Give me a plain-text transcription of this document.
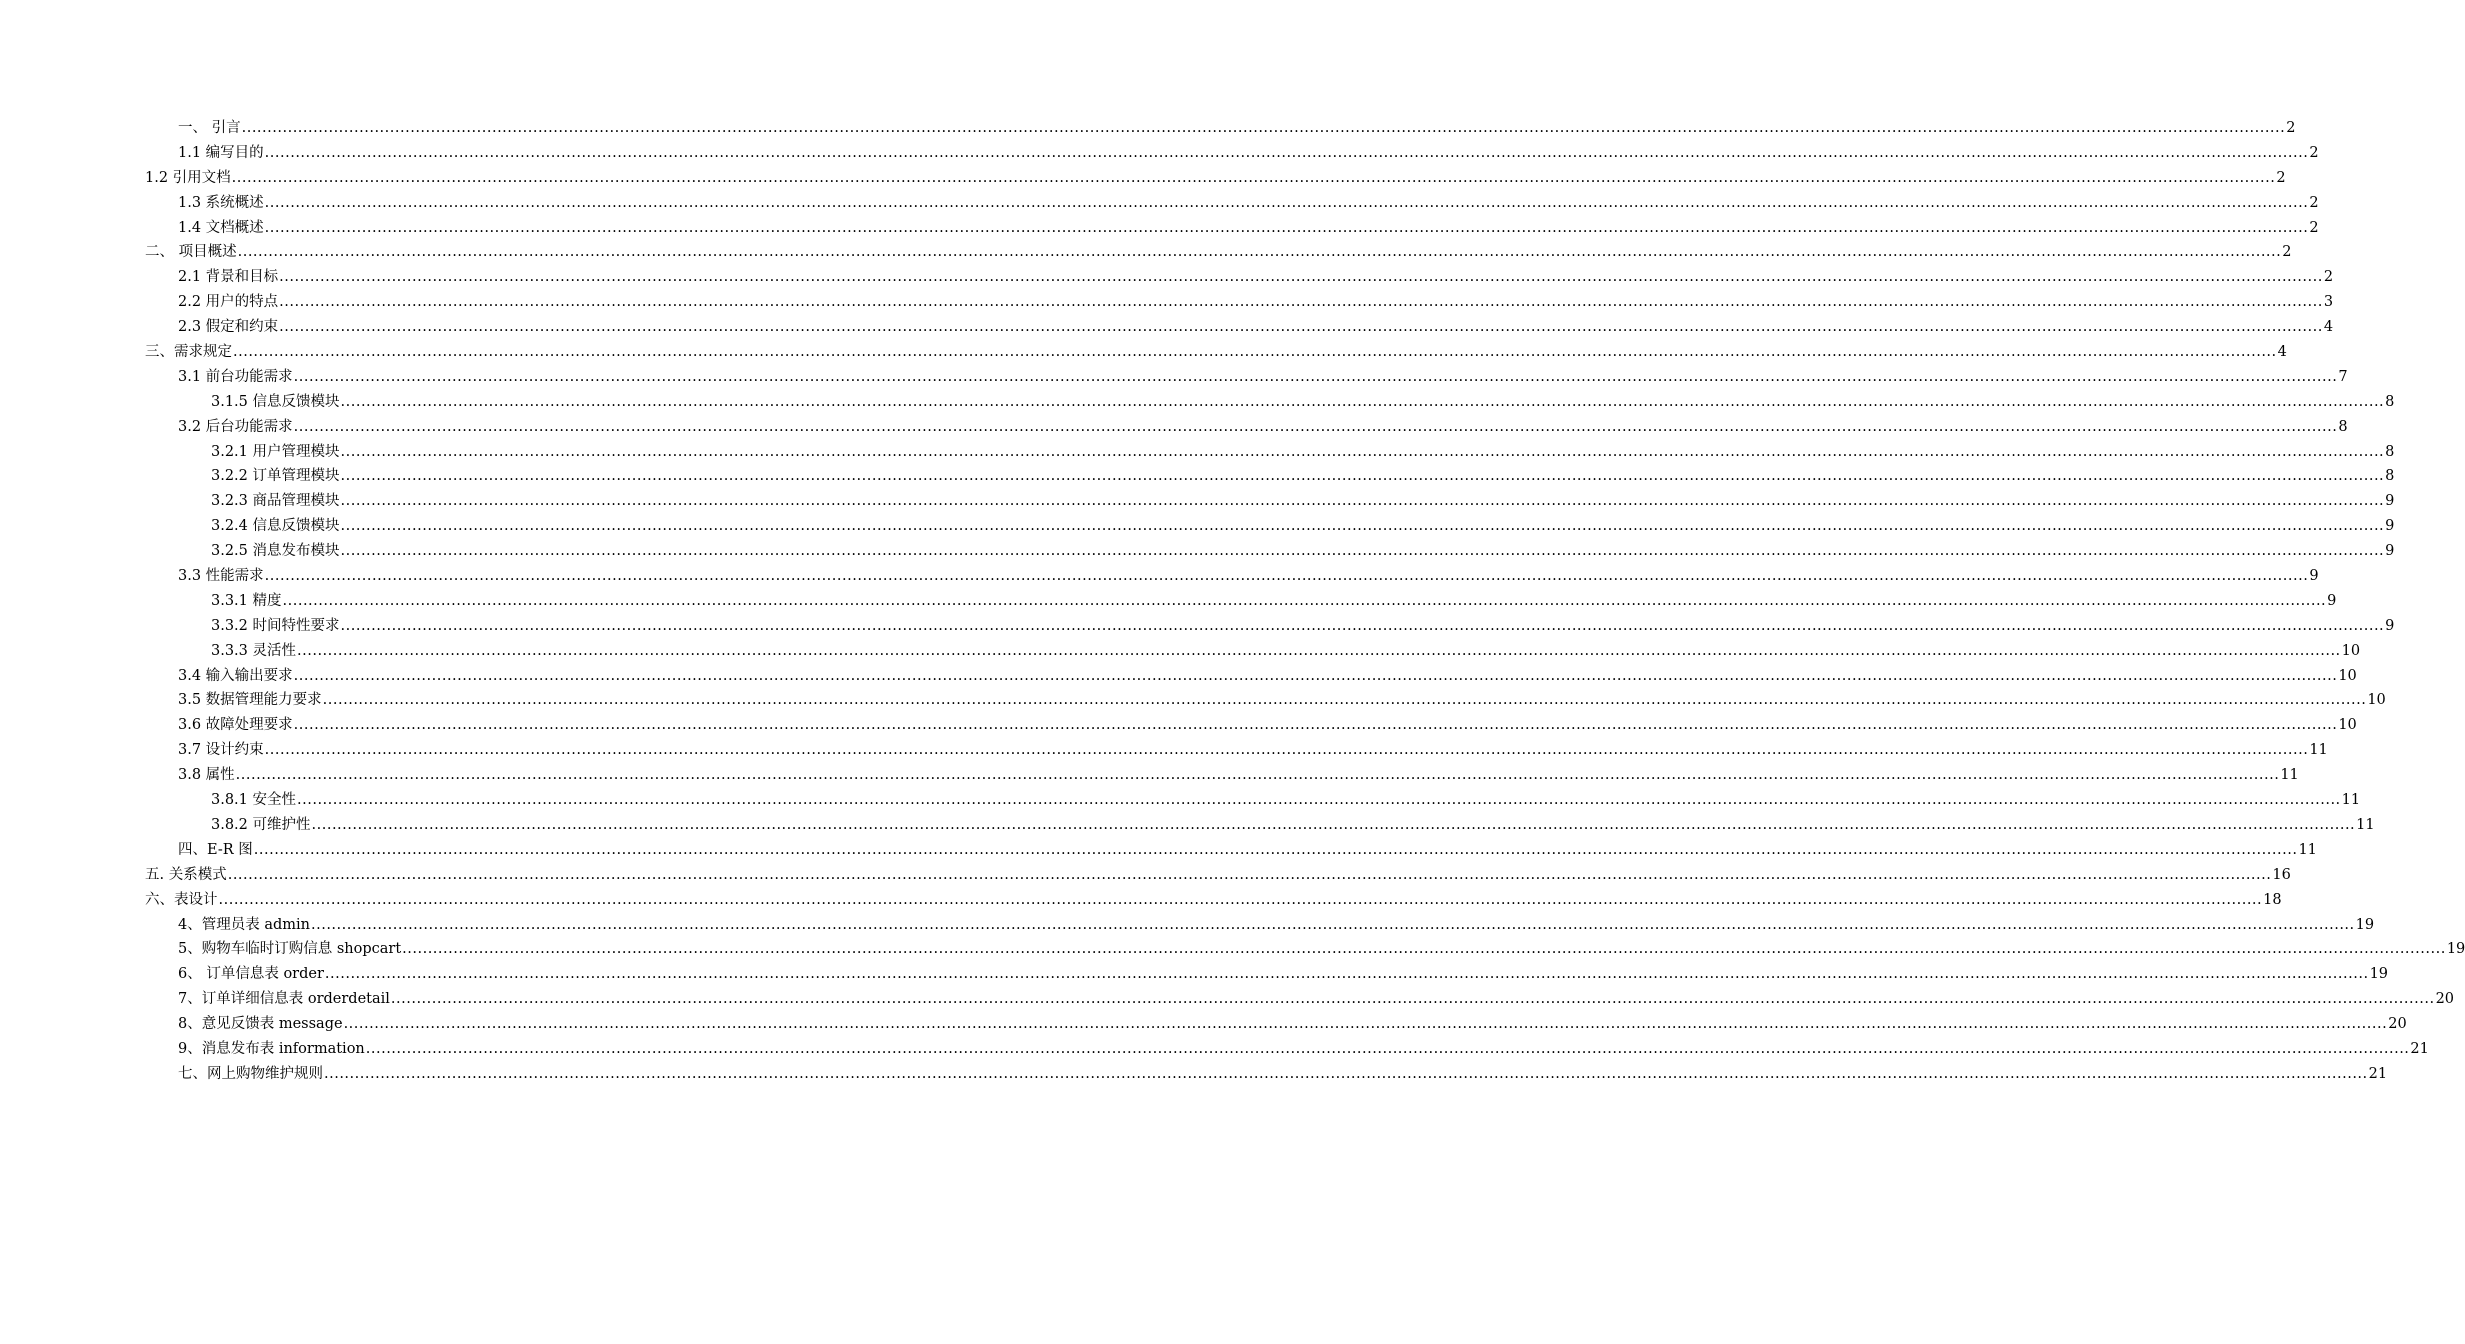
一、 引言 ................................................................................................................................................................................................................................................................................................................................................................................................................ 2
1.1 编写目的 ................................................................................................................................................................................................................................................................................................................................................................................................................ 2
1.2 引用文档 ................................................................................................................................................................................................................................................................................................................................................................................................................ 2
1.3 系统概述 ................................................................................................................................................................................................................................................................................................................................................................................................................ 2
1.4 文档概述 ................................................................................................................................................................................................................................................................................................................................................................................................................ 2
二、 项目概述 ................................................................................................................................................................................................................................................................................................................................................................................................................ 2
2.1 背景和目标 ................................................................................................................................................................................................................................................................................................................................................................................................................ 2
2.2 用户的特点 ................................................................................................................................................................................................................................................................................................................................................................................................................ 3
2.3 假定和约束 ................................................................................................................................................................................................................................................................................................................................................................................................................ 4
三、需求规定 ................................................................................................................................................................................................................................................................................................................................................................................................................ 4
3.1 前台功能需求 ................................................................................................................................................................................................................................................................................................................................................................................................................ 7
3.1.5 信息反馈模块 ................................................................................................................................................................................................................................................................................................................................................................................................................ 8
3.2 后台功能需求 ................................................................................................................................................................................................................................................................................................................................................................................................................ 8
3.2.1 用户管理模块 ................................................................................................................................................................................................................................................................................................................................................................................................................ 8
3.2.2 订单管理模块 ................................................................................................................................................................................................................................................................................................................................................................................................................ 8
3.2.3 商品管理模块 ................................................................................................................................................................................................................................................................................................................................................................................................................ 9
3.2.4 信息反馈模块 ................................................................................................................................................................................................................................................................................................................................................................................................................ 9
3.2.5 消息发布模块 ................................................................................................................................................................................................................................................................................................................................................................................................................ 9
3.3 性能需求 ................................................................................................................................................................................................................................................................................................................................................................................................................ 9
3.3.1 精度 ................................................................................................................................................................................................................................................................................................................................................................................................................ 9
3.3.2 时间特性要求 ................................................................................................................................................................................................................................................................................................................................................................................................................ 9
3.3.3 灵活性 ................................................................................................................................................................................................................................................................................................................................................................................................................ 10
3.4 输入输出要求 ................................................................................................................................................................................................................................................................................................................................................................................................................ 10
3.5 数据管理能力要求 ................................................................................................................................................................................................................................................................................................................................................................................................................ 10
3.6 故障处理要求 ................................................................................................................................................................................................................................................................................................................................................................................................................ 10
3.7 设计约束 ................................................................................................................................................................................................................................................................................................................................................................................................................ 11
3.8 属性 ................................................................................................................................................................................................................................................................................................................................................................................................................ 11
3.8.1 安全性 ................................................................................................................................................................................................................................................................................................................................................................................................................ 11
3.8.2 可维护性 ................................................................................................................................................................................................................................................................................................................................................................................................................ 11
四、E-R 图 ................................................................................................................................................................................................................................................................................................................................................................................................................ 11
五. 关系模式 ................................................................................................................................................................................................................................................................................................................................................................................................................ 16
六、表设计 ................................................................................................................................................................................................................................................................................................................................................................................................................ 18
4、管理员表 admin ................................................................................................................................................................................................................................................................................................................................................................................................................ 19
5、购物车临时订购信息 shopcart ................................................................................................................................................................................................................................................................................................................................................................................................................ 19
6、 订单信息表 order ................................................................................................................................................................................................................................................................................................................................................................................................................ 19
7、订单详细信息表 orderdetail ................................................................................................................................................................................................................................................................................................................................................................................................................ 20
8、意见反馈表 message ................................................................................................................................................................................................................................................................................................................................................................................................................ 20
9、消息发布表 information ................................................................................................................................................................................................................................................................................................................................................................................................................ 21
七、网上购物维护规则 ................................................................................................................................................................................................................................................................................................................................................................................................................ 21
